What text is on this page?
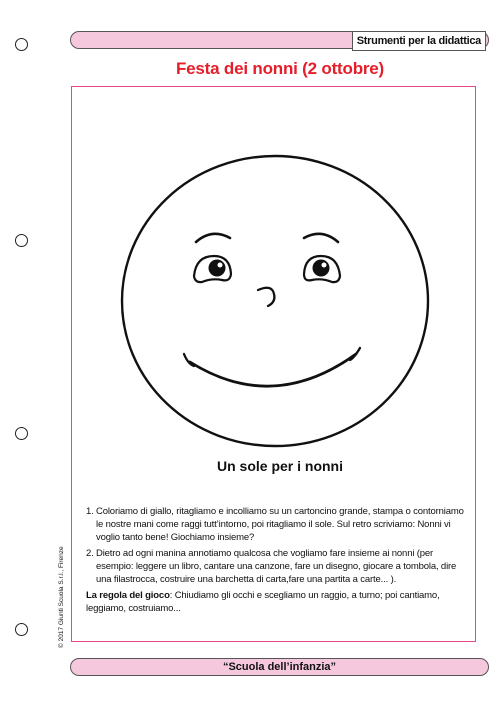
Strumenti per la didattica
Festa dei nonni (2 ottobre)
Un sole per i nonni
1. Coloriamo di giallo, ritagliamo e incolliamo su un cartoncino grande, stampa o contorniamo le nostre mani come raggi tutt’intorno, poi ritagliamo il sole. Sul retro scriviamo: Nonni vi voglio tanto bene! Giochiamo insieme?
2. Dietro ad ogni manina annotiamo qualcosa che vogliamo fare insieme ai nonni (per esempio: leggere un libro, cantare una canzone, fare un disegno, giocare a tombola, dire una filastrocca, costruire una barchetta di carta,fare una partita a carte... ).
La regola del gioco: Chiudiamo gli occhi e scegliamo un raggio, a turno; poi cantiamo, leggiamo, costruiamo...
© 2017 Giunti Scuola S.r.l., Firenze
“Scuola dell’infanzia”
